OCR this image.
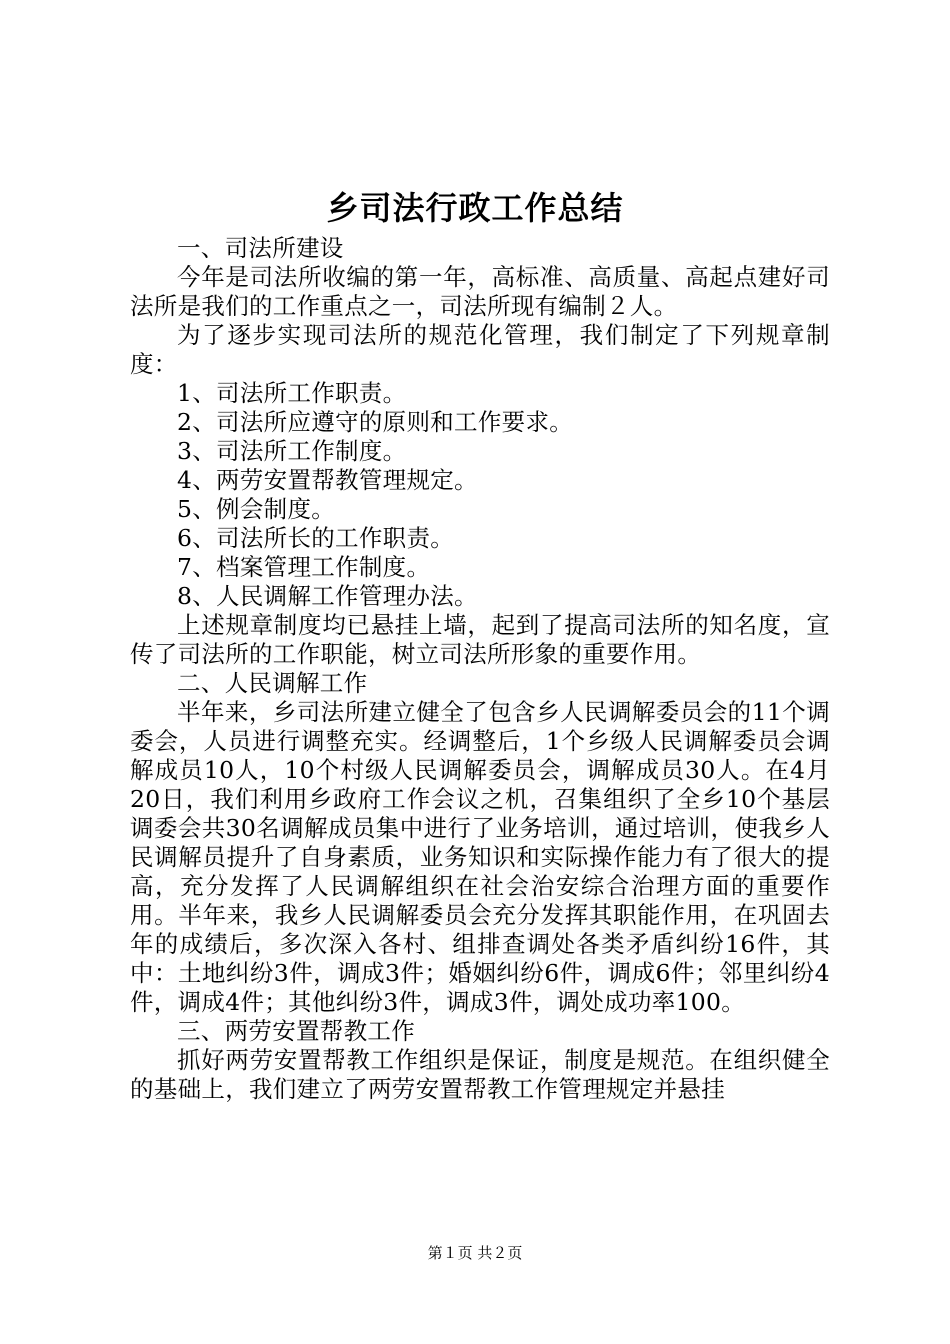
乡司法行政工作总结

一、司法所建设

今年是司法所收编的第一年，高标准、高质量、高起点建好司法所是我们的工作重点之一，司法所现有编制２人。

为了逐步实现司法所的规范化管理，我们制定了下列规章制度：

1、司法所工作职责。

2、司法所应遵守的原则和工作要求。

3、司法所工作制度。

4、两劳安置帮教管理规定。

5、例会制度。

6、司法所长的工作职责。

7、档案管理工作制度。

8、人民调解工作管理办法。

上述规章制度均已悬挂上墙，起到了提高司法所的知名度，宣传了司法所的工作职能，树立司法所形象的重要作用。

二、人民调解工作

半年来，乡司法所建立健全了包含乡人民调解委员会的11个调委会，人员进行调整充实。经调整后，1个乡级人民调解委员会调解成员10人，10个村级人民调解委员会，调解成员30人。在4月20日，我们利用乡政府工作会议之机，召集组织了全乡10个基层调委会共30名调解成员集中进行了业务培训，通过培训，使我乡人民调解员提升了自身素质，业务知识和实际操作能力有了很大的提高，充分发挥了人民调解组织在社会治安综合治理方面的重要作用。半年来，我乡人民调解委员会充分发挥其职能作用，在巩固去年的成绩后，多次深入各村、组排查调处各类矛盾纠纷16件，其中：土地纠纷3件，调成3件；婚姻纠纷6件，调成6件；邻里纠纷4件，调成4件；其他纠纷3件，调成3件，调处成功率100。

三、两劳安置帮教工作

抓好两劳安置帮教工作组织是保证，制度是规范。在组织健全的基础上，我们建立了两劳安置帮教工作管理规定并悬挂

第１页 共２页
